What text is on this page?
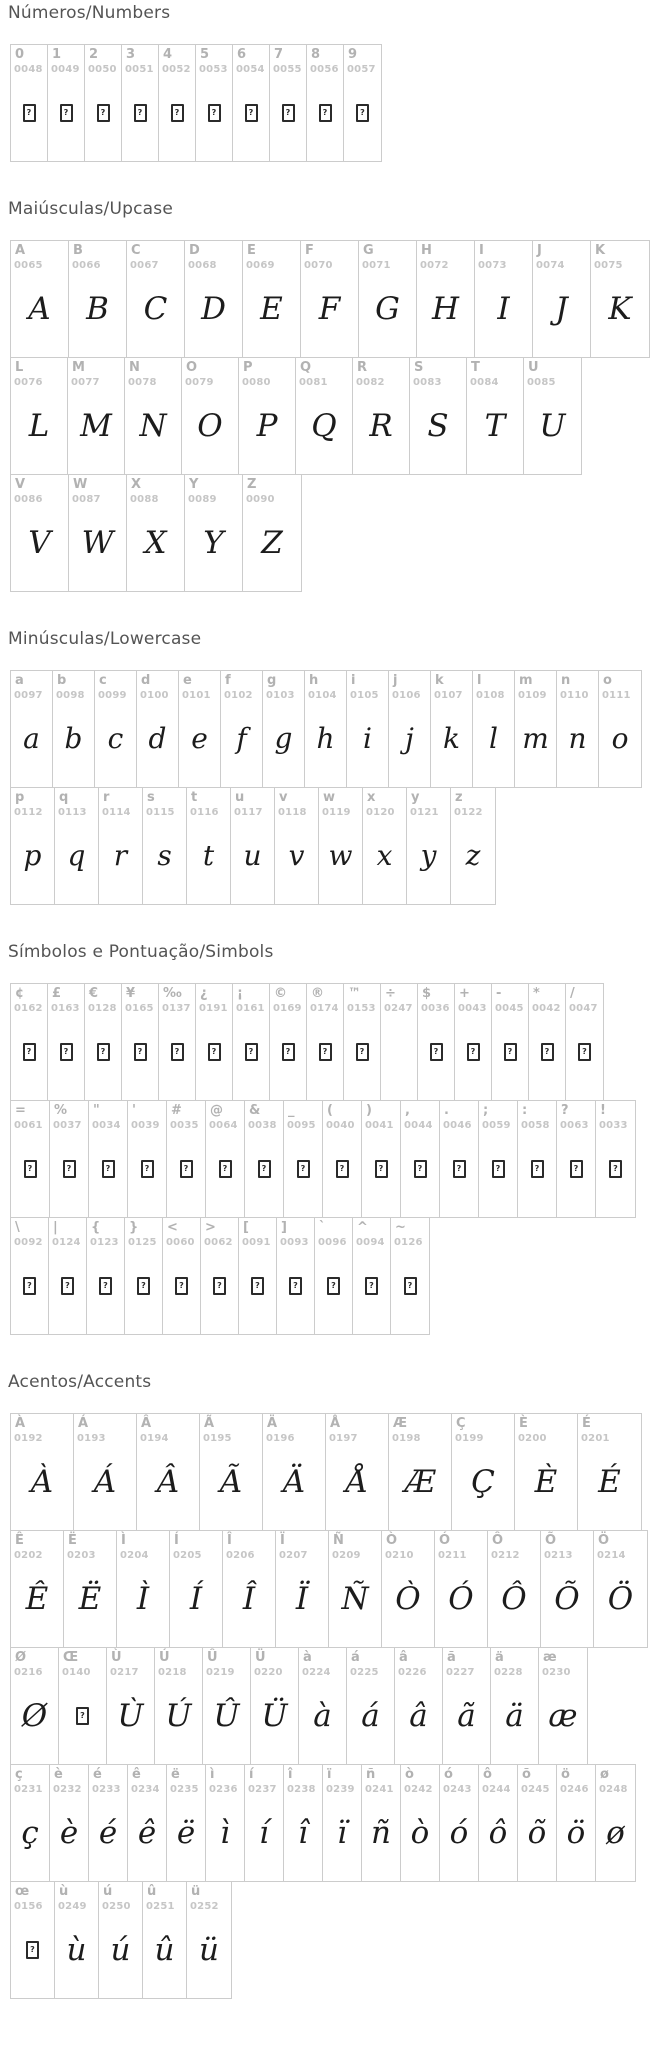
Números/Numbers
0
0048
?
1
0049
?
2
0050
?
3
0051
?
4
0052
?
5
0053
?
6
0054
?
7
0055
?
8
0056
?
9
0057
?
Maiúsculas/Upcase
A
0065
A
B
0066
B
C
0067
C
D
0068
D
E
0069
E
F
0070
F
G
0071
G
H
0072
H
I
0073
I
J
0074
J
K
0075
K
L
0076
L
M
0077
M
N
0078
N
O
0079
O
P
0080
P
Q
0081
Q
R
0082
R
S
0083
S
T
0084
T
U
0085
U
V
0086
V
W
0087
W
X
0088
X
Y
0089
Y
Z
0090
Z
Minúsculas/Lowercase
a
0097
a
b
0098
b
c
0099
c
d
0100
d
e
0101
e
f
0102
f
g
0103
g
h
0104
h
i
0105
i
j
0106
j
k
0107
k
l
0108
l
m
0109
m
n
0110
n
o
0111
o
p
0112
p
q
0113
q
r
0114
r
s
0115
s
t
0116
t
u
0117
u
v
0118
v
w
0119
w
x
0120
x
y
0121
y
z
0122
z
Símbolos e Pontuação/Simbols
¢
0162
?
£
0163
?
€
0128
?
¥
0165
?
‰
0137
?
¿
0191
?
¡
0161
?
©
0169
?
®
0174
?
™
0153
?
÷
0247
$
0036
?
+
0043
?
-
0045
?
*
0042
?
/
0047
?
=
0061
?
%
0037
?
"
0034
?
'
0039
?
#
0035
?
@
0064
?
&
0038
?
_
0095
?
(
0040
?
)
0041
?
,
0044
?
.
0046
?
;
0059
?
:
0058
?
?
0063
?
!
0033
?
\
0092
?
|
0124
?
{
0123
?
}
0125
?
<
0060
?
>
0062
?
[
0091
?
]
0093
?
`
0096
?
^
0094
?
~
0126
?
Acentos/Accents
À
0192
À
Á
0193
Á
Â
0194
Â
Ã
0195
Ã
Ä
0196
Ä
Å
0197
Å
Æ
0198
Æ
Ç
0199
Ç
È
0200
È
É
0201
É
Ê
0202
Ê
Ë
0203
Ë
Ì
0204
Ì
Í
0205
Í
Î
0206
Î
Ï
0207
Ï
Ñ
0209
Ñ
Ò
0210
Ò
Ó
0211
Ó
Ô
0212
Ô
Õ
0213
Õ
Ö
0214
Ö
Ø
0216
Ø
Œ
0140
?
Ù
0217
Ù
Ú
0218
Ú
Û
0219
Û
Ü
0220
Ü
à
0224
à
á
0225
á
â
0226
â
ã
0227
ã
ä
0228
ä
æ
0230
æ
ç
0231
ç
è
0232
è
é
0233
é
ê
0234
ê
ë
0235
ë
ì
0236
ì
í
0237
í
î
0238
î
ï
0239
ï
ñ
0241
ñ
ò
0242
ò
ó
0243
ó
ô
0244
ô
õ
0245
õ
ö
0246
ö
ø
0248
ø
œ
0156
?
ù
0249
ù
ú
0250
ú
û
0251
û
ü
0252
ü
